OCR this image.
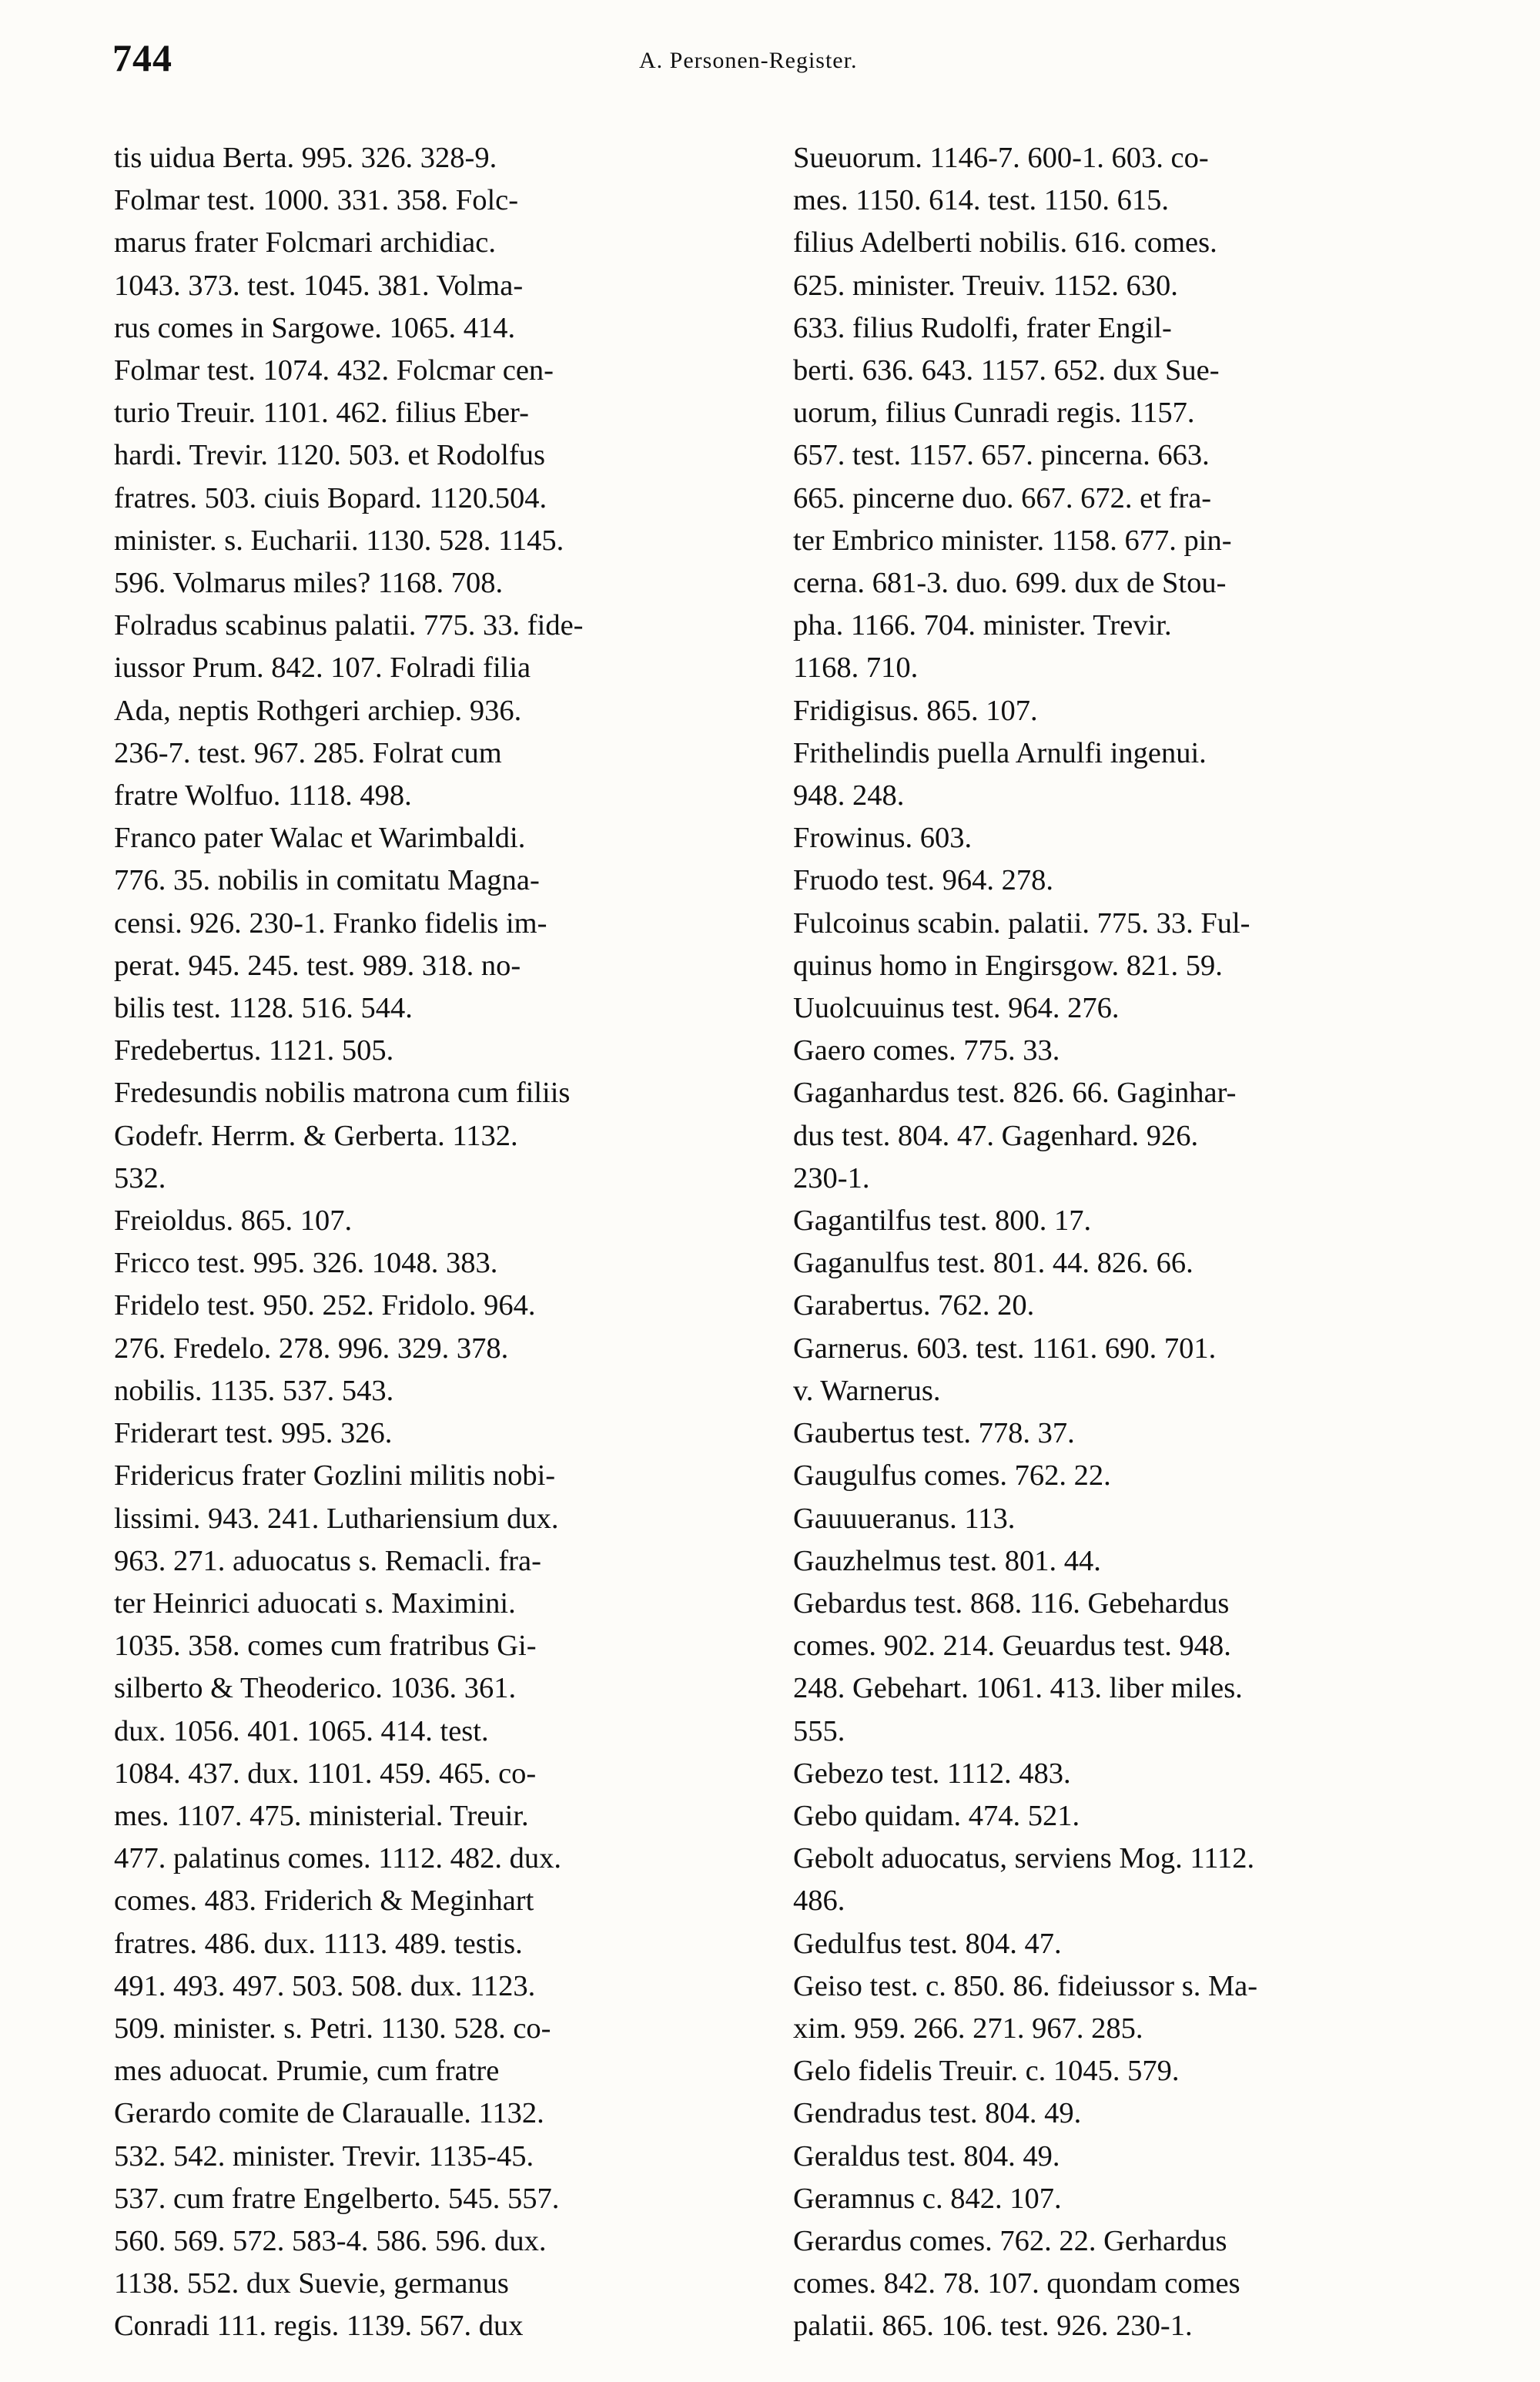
744	A. Personen-Register.
tis uidua Berta. 995. 326. 328-9.
Folmar test. 1000. 331. 358. Folc-
marus frater Folcmari archidiac.
1043. 373. test. 1045. 381. Volma-
rus comes in Sargowe. 1065. 414.
Folmar test. 1074. 432. Folcmar cen-
turio Treuir. 1101. 462. filius Eber-
hardi. Trevir. 1120. 503. et Rodolfus
fratres. 503. ciuis Bopard. 1120.504.
minister. s. Eucharii. 1130. 528. 1145.
596. Volmarus miles? 1168. 708.
Folradus scabinus palatii. 775. 33. fide-
iussor Prum. 842. 107. Folradi filia
Ada, neptis Rothgeri archiep. 936.
236-7. test. 967. 285. Folrat cum
fratre Wolfuo. 1118. 498.
Franco pater Walac et Warimbaldi.
776. 35. nobilis in comitatu Magna-
censi. 926. 230-1. Franko fidelis im-
perat. 945. 245. test. 989. 318. no-
bilis test. 1128. 516. 544.
Fredebertus. 1121. 505.
Fredesundis nobilis matrona cum filiis
Godefr. Herrm. & Gerberta. 1132.
532.
Freioldus. 865. 107.
Fricco test. 995. 326. 1048. 383.
Fridelo test. 950. 252. Fridolo. 964.
276. Fredelo. 278. 996. 329. 378.
nobilis. 1135. 537. 543.
Friderart test. 995. 326.
Fridericus frater Gozlini militis nobi-
lissimi. 943. 241. Luthariensium dux.
963. 271. aduocatus s. Remacli. fra-
ter Heinrici aduocati s. Maximini.
1035. 358. comes cum fratribus Gi-
silberto & Theoderico. 1036. 361.
dux. 1056. 401. 1065. 414. test.
1084. 437. dux. 1101. 459. 465. co-
mes. 1107. 475. ministerial. Treuir.
477. palatinus comes. 1112. 482. dux.
comes. 483. Friderich & Meginhart
fratres. 486. dux. 1113. 489. testis.
491. 493. 497. 503. 508. dux. 1123.
509. minister. s. Petri. 1130. 528. co-
mes aduocat. Prumie, cum fratre
Gerardo comite de Clarauallе. 1132.
532. 542. minister. Trevir. 1135-45.
537. cum fratre Engelberto. 545. 557.
560. 569. 572. 583-4. 586. 596. dux.
1138. 552. dux Suevie, germanus
Conradi 111. regis. 1139. 567. dux
Sueuorum. 1146-7. 600-1. 603. co-
mes. 1150. 614. test. 1150. 615.
filius Adelberti nobilis. 616. comes.
625. minister. Treuiv. 1152. 630.
633. filius Rudolfi, frater Engil-
berti. 636. 643. 1157. 652. dux Sue-
uorum, filius Cunradi regis. 1157.
657. test. 1157. 657. pincerna. 663.
665. pincerne duo. 667. 672. et fra-
ter Embrico minister. 1158. 677. pin-
cerna. 681-3. duo. 699. dux de Stou-
pha. 1166. 704. minister. Trevir.
1168. 710.
Fridigisus. 865. 107.
Frithelindis puella Arnulfi ingenui.
948. 248.
Frowinus. 603.
Fruodo test. 964. 278.
Fulcoinus scabin. palatii. 775. 33. Ful-
quinus homo in Engirsgow. 821. 59.
Uuolcuuinus test. 964. 276.
Gaero comes. 775. 33.
Gaganhardus test. 826. 66. Gaginhar-
dus test. 804. 47. Gagenhard. 926.
230-1.
Gagantilfus test. 800. 17.
Gaganulfus test. 801. 44. 826. 66.
Garabertus. 762. 20.
Garnerus. 603. test. 1161. 690. 701.
v. Warnerus.
Gaubertus test. 778. 37.
Gaugulfus comes. 762. 22.
Gauuueranus. 113.
Gauzhelmus test. 801. 44.
Gebardus test. 868. 116. Gebehardus
comes. 902. 214. Geuardus test. 948.
248. Gebehart. 1061. 413. liber miles.
555.
Gebezo test. 1112. 483.
Gebo quidam. 474. 521.
Gebolt aduocatus, serviens Mog. 1112.
486.
Gedulfus test. 804. 47.
Geiso test. c. 850. 86. fideiussor s. Ma-
xim. 959. 266. 271. 967. 285.
Gelo fidelis Treuir. c. 1045. 579.
Gendradus test. 804. 49.
Geraldus test. 804. 49.
Geramnus c. 842. 107.
Gerardus comes. 762. 22. Gerhardus
comes. 842. 78. 107. quondam comes
palatii. 865. 106. test. 926. 230-1.
